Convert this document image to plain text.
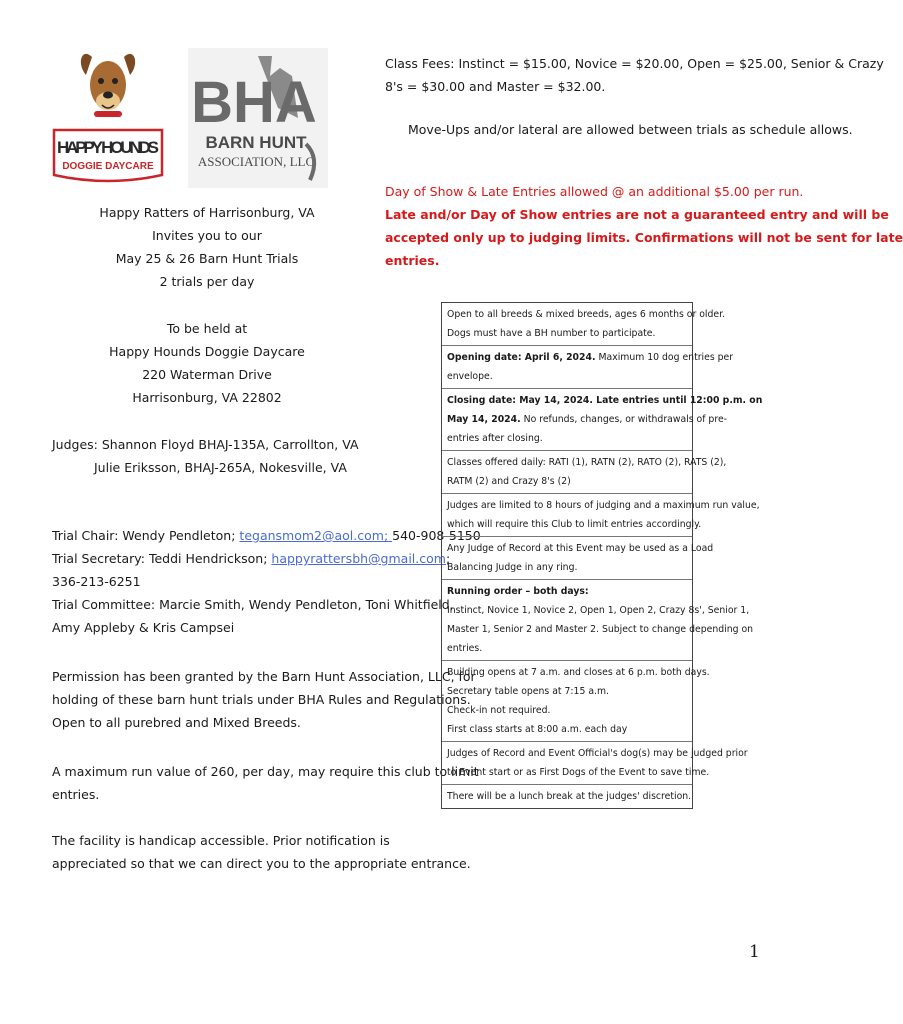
HAPPY HOUNDS
DOGGIE DAYCARE
BHA
BARN HUNT
ASSOCIATION, LLC
Happy Ratters of Harrisonburg, VA
Invites you to our
May 25 & 26 Barn Hunt Trials
2 trials per day
To be held at
Happy Hounds Doggie Daycare
220 Waterman Drive
Harrisonburg, VA 22802
Judges: Shannon Floyd BHAJ-135A, Carrollton, VA
Julie Eriksson, BHAJ-265A, Nokesville, VA
Trial Chair: Wendy Pendleton; tegansmom2@aol.com; 540-908-5150
Trial Secretary: Teddi Hendrickson; happyrattersbh@gmail.com;
336-213-6251
Trial Committee: Marcie Smith, Wendy Pendleton, Toni Whitfield,
Amy Appleby & Kris Campsei
Permission has been granted by the Barn Hunt Association, LLC, for
holding of these barn hunt trials under BHA Rules and Regulations.
Open to all purebred and Mixed Breeds.
A maximum run value of 260, per day, may require this club to limit
entries.
The facility is handicap accessible. Prior notification is
appreciated so that we can direct you to the appropriate entrance.
Class Fees: Instinct = $15.00, Novice = $20.00, Open = $25.00, Senior & Crazy
8's = $30.00 and Master = $32.00.
Move-Ups and/or lateral are allowed between trials as schedule allows.
Day of Show & Late Entries allowed @ an additional $5.00 per run.
Late and/or Day of Show entries are not a guaranteed entry and will be
accepted only up to judging limits. Confirmations will not be sent for late
entries.
Open to all breeds & mixed breeds, ages 6 months or older.
Dogs must have a BH number to participate.
Opening date: April 6, 2024. Maximum 10 dog entries per
envelope.
Closing date: May 14, 2024. Late entries until 12:00 p.m. on
May 14, 2024. No refunds, changes, or withdrawals of pre-
entries after closing.
Classes offered daily: RATI (1), RATN (2), RATO (2), RATS (2),
RATM (2) and Crazy 8's (2)
Judges are limited to 8 hours of judging and a maximum run value,
which will require this Club to limit entries accordingly.
Any Judge of Record at this Event may be used as a Load
Balancing Judge in any ring.
Running order – both days:
Instinct, Novice 1, Novice 2, Open 1, Open 2, Crazy 8s', Senior 1,
Master 1, Senior 2 and Master 2. Subject to change depending on
entries.
Building opens at 7 a.m. and closes at 6 p.m. both days.
Secretary table opens at 7:15 a.m.
Check-in not required.
First class starts at 8:00 a.m. each day
Judges of Record and Event Official's dog(s) may be judged prior
to Event start or as First Dogs of the Event to save time.
There will be a lunch break at the judges' discretion.
1
